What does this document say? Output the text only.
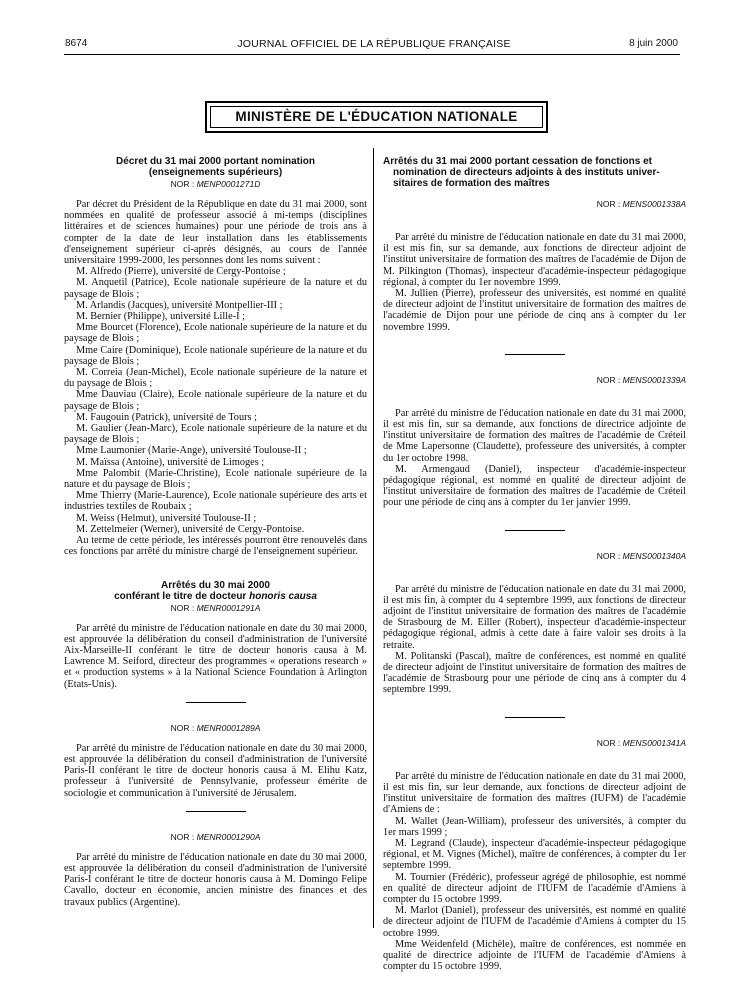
8674	JOURNAL OFFICIEL DE LA RÉPUBLIQUE FRANÇAISE	8 juin 2000
MINISTÈRE DE L'ÉDUCATION NATIONALE

Décret du 31 mai 2000 portant nomination

(enseignements supérieurs)

NOR : MENP0001271D

Par décret du Président de la République en date du 31 mai 2000, sont nommées en qualité de professeur associé à mi-temps (disciplines littéraires et de sciences humaines) pour une période de trois ans à compter de la date de leur installation dans les établissements d'enseignement supérieur ci-après désignés, au cours de l'année universitaire 1999-2000, les personnes dont les noms suivent :

M. Alfredo (Pierre), université de Cergy-Pontoise ;

M. Anquetil (Patrice), Ecole nationale supérieure de la nature et du paysage de Blois ;

M. Arlandis (Jacques), université Montpellier-III ;

M. Bernier (Philippe), université Lille-I ;

Mme Bourcet (Florence), Ecole nationale supérieure de la nature et du paysage de Blois ;

Mme Caire (Dominique), Ecole nationale supérieure de la nature et du paysage de Blois ;

M. Correia (Jean-Michel), Ecole nationale supérieure de la nature et du paysage de Blois ;

Mme Dauviau (Claire), Ecole nationale supérieure de la nature et du paysage de Blois ;

M. Faugouin (Patrick), université de Tours ;

M. Gaulier (Jean-Marc), Ecole nationale supérieure de la nature et du paysage de Blois ;

Mme Laumonier (Marie-Ange), université Toulouse-II ;

M. Maïssa (Antoine), université de Limoges ;

Mme Palombit (Marie-Christine), Ecole nationale supérieure de la nature et du paysage de Blois ;

Mme Thierry (Marie-Laurence), Ecole nationale supérieure des arts et industries textiles de Roubaix ;

M. Weiss (Helmut), université Toulouse-II ;

M. Zettelmeier (Werner), université de Cergy-Pontoise.

Au terme de cette période, les intéressés pourront être renouvelés dans ces fonctions par arrêté du ministre chargé de l'enseignement supérieur.

Arrêtés du 30 mai 2000

conférant le titre de docteur honoris causa

NOR : MENR0001291A

Par arrêté du ministre de l'éducation nationale en date du 30 mai 2000, est approuvée la délibération du conseil d'administration de l'université Aix-Marseille-II conférant le titre de docteur honoris causa à M. Lawrence M. Seiford, directeur des programmes « operations research » et « production systems » à la National Science Foundation à Arlington (Etats-Unis).

NOR : MENR0001289A

Par arrêté du ministre de l'éducation nationale en date du 30 mai 2000, est approuvée la délibération du conseil d'administration de l'université Paris-II conférant le titre de docteur honoris causa à M. Elihu Katz, professeur à l'université de Pennsylvanie, professeur émérite de sociologie et communication à l'université de Jérusalem.

NOR : MENR0001290A

Par arrêté du ministre de l'éducation nationale en date du 30 mai 2000, est approuvée la délibération du conseil d'administration de l'université Paris-I conférant le titre de docteur honoris causa à M. Domingo Felipe Cavallo, docteur en économie, ancien ministre des finances et des travaux publics (Argentine).

Arrêtés du 31 mai 2000 portant cessation de fonctions et

nomination de directeurs adjoints à des instituts univer-

sitaires de formation des maîtres

NOR : MENS0001338A

Par arrêté du ministre de l'éducation nationale en date du 31 mai 2000, il est mis fin, sur sa demande, aux fonctions de directeur adjoint de l'institut universitaire de formation des maîtres de l'académie de Dijon de M. Pilkington (Thomas), inspecteur d'académie-inspecteur pédagogique régional, à compter du 1er novembre 1999.

M. Jullien (Pierre), professeur des universités, est nommé en qualité de directeur adjoint de l'institut universitaire de formation des maîtres de l'académie de Dijon pour une période de cinq ans à compter du 1er novembre 1999.

NOR : MENS0001339A

Par arrêté du ministre de l'éducation nationale en date du 31 mai 2000, il est mis fin, sur sa demande, aux fonctions de directrice adjointe de l'institut universitaire de formation des maîtres de l'académie de Créteil de Mme Lapersonne (Claudette), professeure des universités, à compter du 1er octobre 1998.

M. Armengaud (Daniel), inspecteur d'académie-inspecteur pédagogique régional, est nommé en qualité de directeur adjoint de l'institut universitaire de formation des maîtres de l'académie de Créteil pour une période de cinq ans à compter du 1er janvier 1999.

NOR : MENS0001340A

Par arrêté du ministre de l'éducation nationale en date du 31 mai 2000, il est mis fin, à compter du 4 septembre 1999, aux fonctions de directeur adjoint de l'institut universitaire de formation des maîtres de l'académie de Strasbourg de M. Eiller (Robert), inspecteur d'académie-inspecteur pédagogique régional, admis à cette date à faire valoir ses droits à la retraite.

M. Politanski (Pascal), maître de conférences, est nommé en qualité de directeur adjoint de l'institut universitaire de formation des maîtres de l'académie de Strasbourg pour une période de cinq ans à compter du 4 septembre 1999.

NOR : MENS0001341A

Par arrêté du ministre de l'éducation nationale en date du 31 mai 2000, il est mis fin, sur leur demande, aux fonctions de directeur adjoint de l'institut universitaire de formation des maîtres (IUFM) de l'académie d'Amiens de :

M. Wallet (Jean-William), professeur des universités, à compter du 1er mars 1999 ;

M. Legrand (Claude), inspecteur d'académie-inspecteur pédagogique régional, et M. Vignes (Michel), maître de conférences, à compter du 1er septembre 1999.

M. Tournier (Frédéric), professeur agrégé de philosophie, est nommé en qualité de directeur adjoint de l'IUFM de l'académie d'Amiens à compter du 15 octobre 1999.

M. Marlot (Daniel), professeur des universités, est nommé en qualité de directeur adjoint de l'IUFM de l'académie d'Amiens à compter du 15 octobre 1999.

Mme Weidenfeld (Michèle), maître de conférences, est nommée en qualité de directrice adjointe de l'IUFM de l'académie d'Amiens à compter du 15 octobre 1999.
